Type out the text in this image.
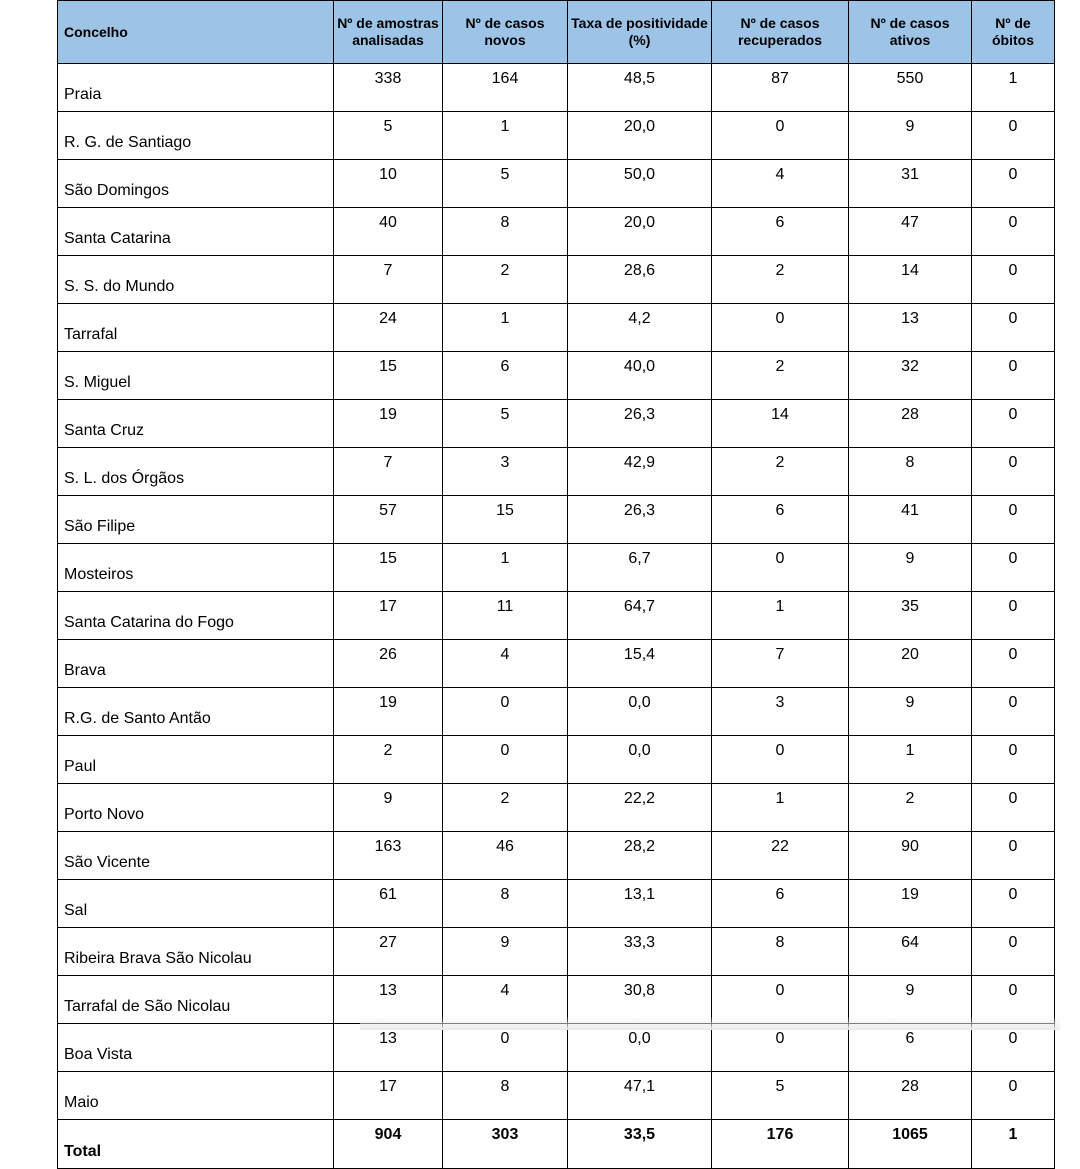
Concelho	Nº de amostras analisadas	Nº de casos novos	Taxa de positividade (%)	Nº de casos recuperados	Nº de casos ativos	Nº de óbitos
Praia	338	164	48,5	87	550	1
R. G. de Santiago	5	1	20,0	0	9	0
São Domingos	10	5	50,0	4	31	0
Santa Catarina	40	8	20,0	6	47	0
S. S. do Mundo	7	2	28,6	2	14	0
Tarrafal	24	1	4,2	0	13	0
S. Miguel	15	6	40,0	2	32	0
Santa Cruz	19	5	26,3	14	28	0
S. L. dos Órgãos	7	3	42,9	2	8	0
São Filipe	57	15	26,3	6	41	0
Mosteiros	15	1	6,7	0	9	0
Santa Catarina do Fogo	17	11	64,7	1	35	0
Brava	26	4	15,4	7	20	0
R.G. de Santo Antão	19	0	0,0	3	9	0
Paul	2	0	0,0	0	1	0
Porto Novo	9	2	22,2	1	2	0
São Vicente	163	46	28,2	22	90	0
Sal	61	8	13,1	6	19	0
Ribeira Brava São Nicolau	27	9	33,3	8	64	0
Tarrafal de São Nicolau	13	4	30,8	0	9	0
Boa Vista	13	0	0,0	0	6	0
Maio	17	8	47,1	5	28	0
Total	904	303	33,5	176	1065	1
